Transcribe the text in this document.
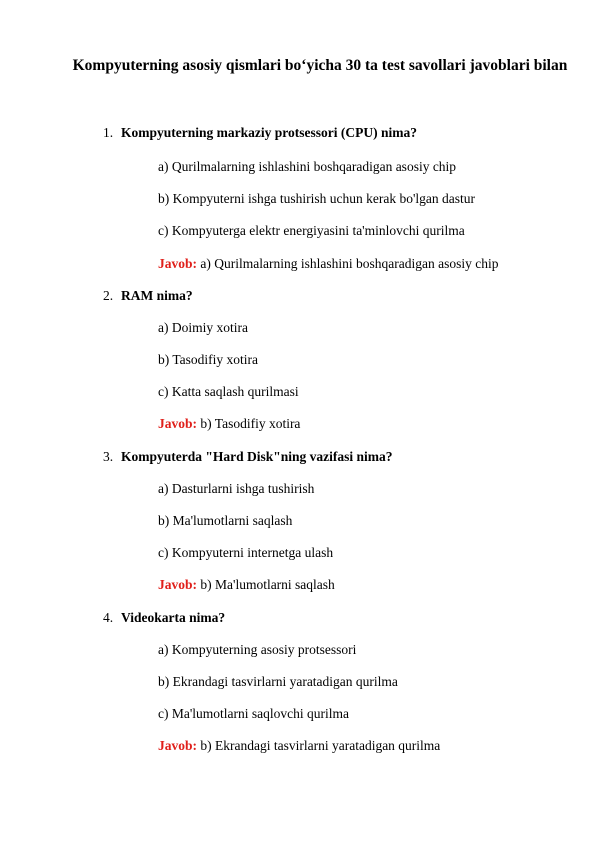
Kompyuterning asosiy qismlari bo‘yicha 30 ta test savollari javoblari bilan
1. Kompyuterning markaziy protsessori (CPU) nima?
a) Qurilmalarning ishlashini boshqaradigan asosiy chip
b) Kompyuterni ishga tushirish uchun kerak bo'lgan dastur
c) Kompyuterga elektr energiyasini ta'minlovchi qurilma
Javob: a) Qurilmalarning ishlashini boshqaradigan asosiy chip
2. RAM nima?
a) Doimiy xotira
b) Tasodifiy xotira
c) Katta saqlash qurilmasi
Javob: b) Tasodifiy xotira
3. Kompyuterda "Hard Disk"ning vazifasi nima?
a) Dasturlarni ishga tushirish
b) Ma'lumotlarni saqlash
c) Kompyuterni internetga ulash
Javob: b) Ma'lumotlarni saqlash
4. Videokarta nima?
a) Kompyuterning asosiy protsessori
b) Ekrandagi tasvirlarni yaratadigan qurilma
c) Ma'lumotlarni saqlovchi qurilma
Javob: b) Ekrandagi tasvirlarni yaratadigan qurilma
